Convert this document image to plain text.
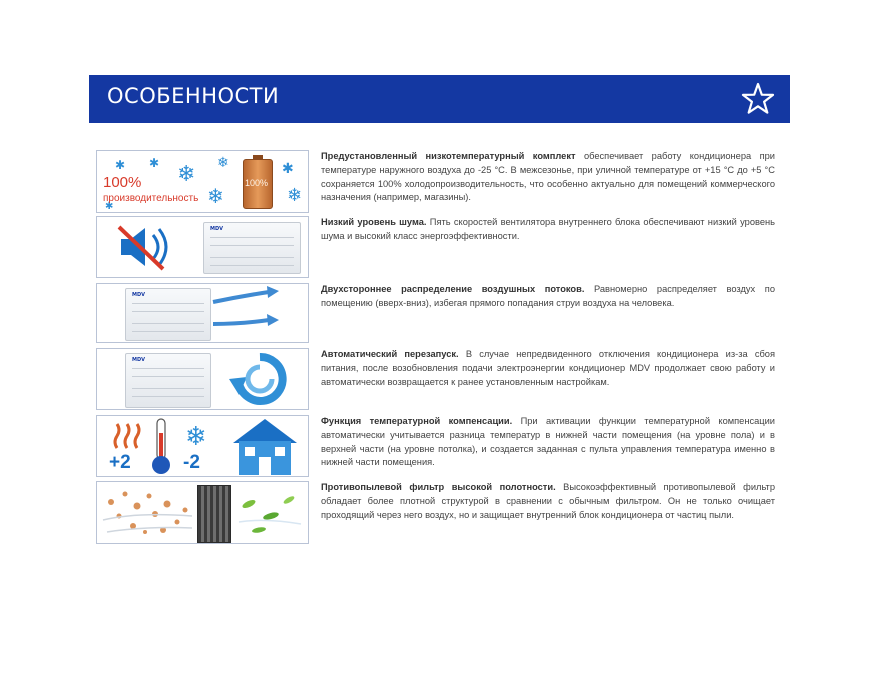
ОСОБЕННОСТИ
✱ ✱ ❄
❄
✱
✱
❄
❄
100%
производительность
100%
Предустановленный низкотемпературный комплект обеспечивает работу кондиционера при температуре наружного воздуха до -25 °C. В межсезонье, при уличной температуре от +15 °C до +5 °C сохраняется 100% холодопроизводительность, что особенно актуально для помещений коммерческого назначения (например, магазины).
MDV
Низкий уровень шума. Пять скоростей вентилятора внутреннего блока обеспечивают низкий уровень шума и высокий класс энергоэффективности.
MDV
Двухстороннее распределение воздушных потоков. Равномерно распределяет воздух по помещению (вверх-вниз), избегая прямого попадания струи воздуха на человека.
MDV
Автоматический перезапуск. В случае непредвиденного отключения кондиционера из-за сбоя питания, после возобновления подачи электроэнергии кондиционер MDV продолжает свою работу и автоматически возвращается к ранее установленным настройкам.
+2
❄
-2
Функция температурной компенсации. При активации функции температурной компенсации автоматически учитывается разница температур в нижней части помещения (на уровне пола) и в верхней части (на уровне потолка), и создается заданная с пульта управления температура именно в нижней части помещения.
Противопылевой фильтр высокой полотности. Высокоэффективный противопылевой фильтр обладает более плотной структурой в сравнении с обычным фильтром. Он не только очищает проходящий через него воздух, но и защищает внутренний блок кондиционера от частиц пыли.
